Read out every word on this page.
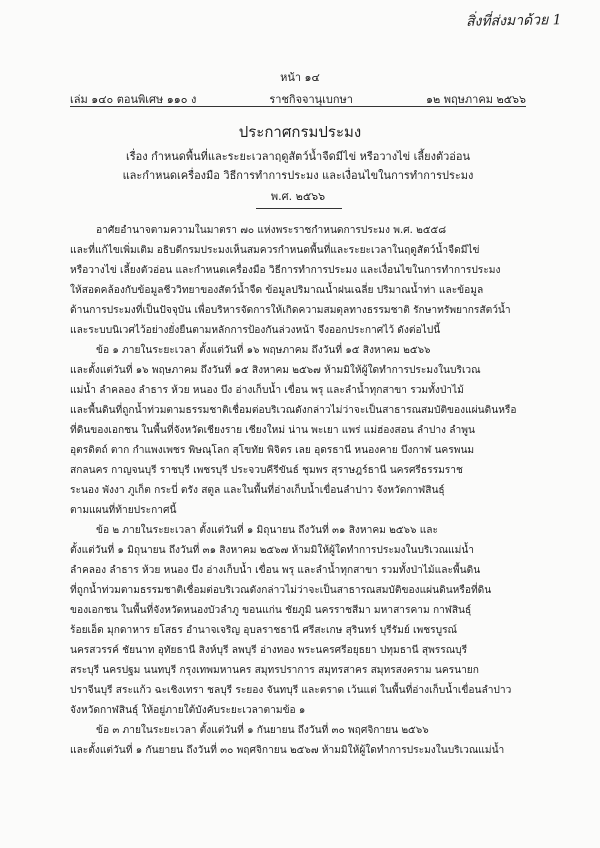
สิ่งที่ส่งมาด้วย 1
หน้า ๑๔
เล่ม ๑๔๐ ตอนพิเศษ ๑๑๐ ง	ราชกิจจานุเบกษา	๑๒ พฤษภาคม ๒๕๖๖
ประกาศกรมประมง
เรื่อง กำหนดพื้นที่และระยะเวลาฤดูสัตว์น้ำจืดมีไข่ หรือวางไข่ เลี้ยงตัวอ่อน
และกำหนดเครื่องมือ วิธีการทำการประมง และเงื่อนไขในการทำการประมง
พ.ศ. ๒๕๖๖
อาศัยอำนาจตามความในมาตรา ๗๐ แห่งพระราชกำหนดการประมง พ.ศ. ๒๕๕๘
และที่แก้ไขเพิ่มเติม อธิบดีกรมประมงเห็นสมควรกำหนดพื้นที่และระยะเวลาในฤดูสัตว์น้ำจืดมีไข่
หรือวางไข่ เลี้ยงตัวอ่อน และกำหนดเครื่องมือ วิธีการทำการประมง และเงื่อนไขในการทำการประมง
ให้สอดคล้องกับข้อมูลชีววิทยาของสัตว์น้ำจืด ข้อมูลปริมาณน้ำฝนเฉลี่ย ปริมาณน้ำท่า และข้อมูล
ด้านการประมงที่เป็นปัจจุบัน เพื่อบริหารจัดการให้เกิดความสมดุลทางธรรมชาติ รักษาทรัพยากรสัตว์น้ำ
และระบบนิเวศไว้อย่างยั่งยืนตามหลักการป้องกันล่วงหน้า จึงออกประกาศไว้ ดังต่อไปนี้
ข้อ ๑ ภายในระยะเวลา ตั้งแต่วันที่ ๑๖ พฤษภาคม ถึงวันที่ ๑๕ สิงหาคม ๒๕๖๖
และตั้งแต่วันที่ ๑๖ พฤษภาคม ถึงวันที่ ๑๕ สิงหาคม ๒๕๖๗ ห้ามมิให้ผู้ใดทำการประมงในบริเวณ
แม่น้ำ ลำคลอง ลำธาร ห้วย หนอง บึง อ่างเก็บน้ำ เขื่อน พรุ และลำน้ำทุกสาขา รวมทั้งป่าไม้
และพื้นดินที่ถูกน้ำท่วมตามธรรมชาติเชื่อมต่อบริเวณดังกล่าวไม่ว่าจะเป็นสาธารณสมบัติของแผ่นดินหรือ
ที่ดินของเอกชน ในพื้นที่จังหวัดเชียงราย เชียงใหม่ น่าน พะเยา แพร่ แม่ฮ่องสอน ลำปาง ลำพูน
อุตรดิตถ์ ตาก กำแพงเพชร พิษณุโลก สุโขทัย พิจิตร เลย อุดรธานี หนองคาย บึงกาฬ นครพนม
สกลนคร กาญจนบุรี ราชบุรี เพชรบุรี ประจวบคีรีขันธ์ ชุมพร สุราษฎร์ธานี นครศรีธรรมราช
ระนอง พังงา ภูเก็ต กระบี่ ตรัง สตูล และในพื้นที่อ่างเก็บน้ำเขื่อนลำปาว จังหวัดกาฬสินธุ์
ตามแผนที่ท้ายประกาศนี้
ข้อ ๒ ภายในระยะเวลา ตั้งแต่วันที่ ๑ มิถุนายน ถึงวันที่ ๓๑ สิงหาคม ๒๕๖๖ และ
ตั้งแต่วันที่ ๑ มิถุนายน ถึงวันที่ ๓๑ สิงหาคม ๒๕๖๗ ห้ามมิให้ผู้ใดทำการประมงในบริเวณแม่น้ำ
ลำคลอง ลำธาร ห้วย หนอง บึง อ่างเก็บน้ำ เขื่อน พรุ และลำน้ำทุกสาขา รวมทั้งป่าไม้และพื้นดิน
ที่ถูกน้ำท่วมตามธรรมชาติเชื่อมต่อบริเวณดังกล่าวไม่ว่าจะเป็นสาธารณสมบัติของแผ่นดินหรือที่ดิน
ของเอกชน ในพื้นที่จังหวัดหนองบัวลำภู ขอนแก่น ชัยภูมิ นครราชสีมา มหาสารคาม กาฬสินธุ์
ร้อยเอ็ด มุกดาหาร ยโสธร อำนาจเจริญ อุบลราชธานี ศรีสะเกษ สุรินทร์ บุรีรัมย์ เพชรบูรณ์
นครสวรรค์ ชัยนาท อุทัยธานี สิงห์บุรี ลพบุรี อ่างทอง พระนครศรีอยุธยา ปทุมธานี สุพรรณบุรี
สระบุรี นครปฐม นนทบุรี กรุงเทพมหานคร สมุทรปราการ สมุทรสาคร สมุทรสงคราม นครนายก
ปราจีนบุรี สระแก้ว ฉะเชิงเทรา ชลบุรี ระยอง จันทบุรี และตราด เว้นแต่ ในพื้นที่อ่างเก็บน้ำเขื่อนลำปาว
จังหวัดกาฬสินธุ์ ให้อยู่ภายใต้บังคับระยะเวลาตามข้อ ๑
ข้อ ๓ ภายในระยะเวลา ตั้งแต่วันที่ ๑ กันยายน ถึงวันที่ ๓๐ พฤศจิกายน ๒๕๖๖
และตั้งแต่วันที่ ๑ กันยายน ถึงวันที่ ๓๐ พฤศจิกายน ๒๕๖๗ ห้ามมิให้ผู้ใดทำการประมงในบริเวณแม่น้ำ
